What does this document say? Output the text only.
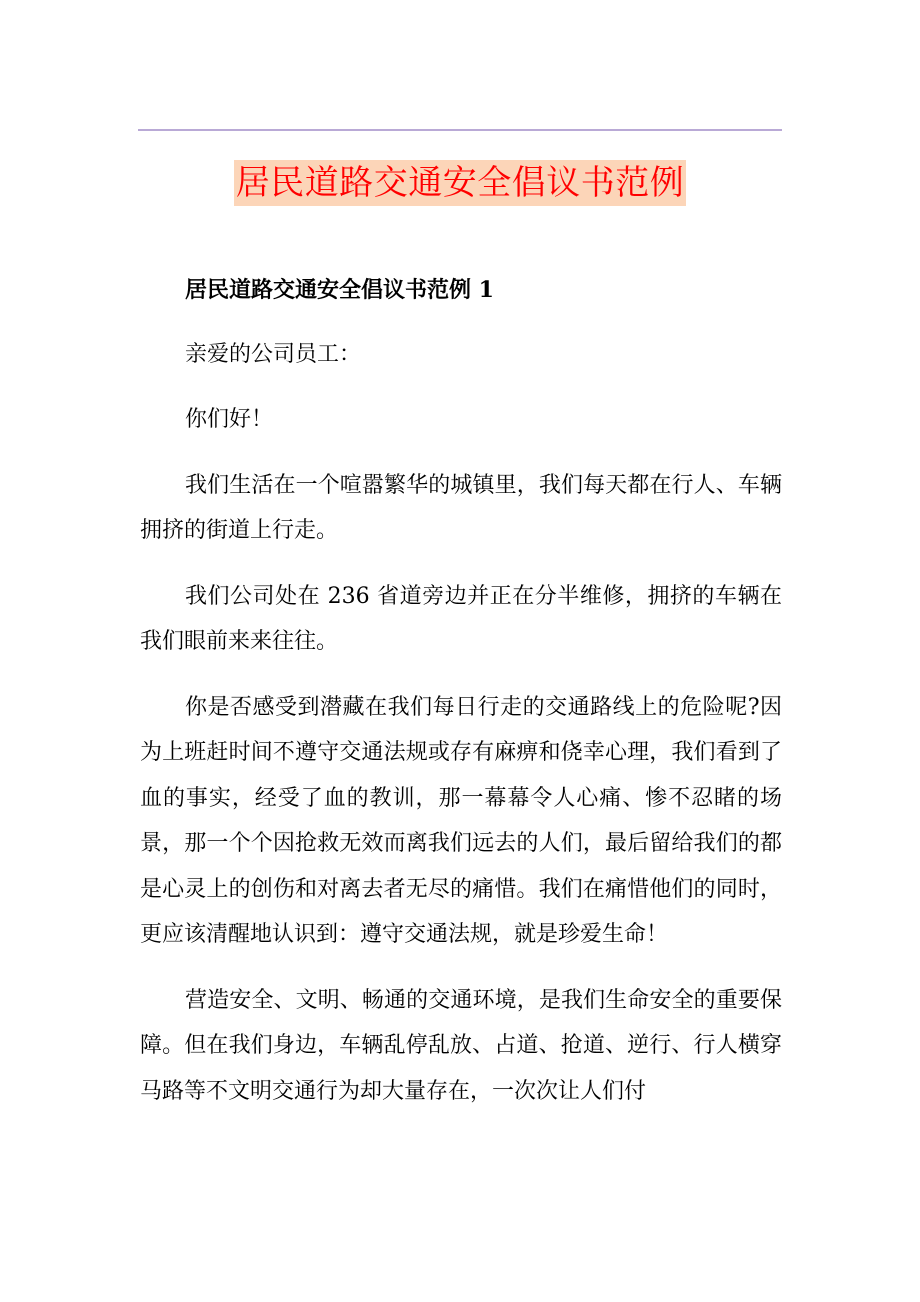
居民道路交通安全倡议书范例

居民道路交通安全倡议书范例 1

亲爱的公司员工：

你们好！

我们生活在一个喧嚣繁华的城镇里，我们每天都在行人、车辆拥挤的街道上行走。

我们公司处在 236 省道旁边并正在分半维修，拥挤的车辆在我们眼前来来往往。

你是否感受到潜藏在我们每日行走的交通路线上的危险呢?因为上班赶时间不遵守交通法规或存有麻痹和侥幸心理，我们看到了血的事实，经受了血的教训，那一幕幕令人心痛、惨不忍睹的场景，那一个个因抢救无效而离我们远去的人们，最后留给我们的都是心灵上的创伤和对离去者无尽的痛惜。我们在痛惜他们的同时，更应该清醒地认识到：遵守交通法规，就是珍爱生命！

营造安全、文明、畅通的交通环境，是我们生命安全的重要保障。但在我们身边，车辆乱停乱放、占道、抢道、逆行、行人横穿马路等不文明交通行为却大量存在，一次次让人们付
